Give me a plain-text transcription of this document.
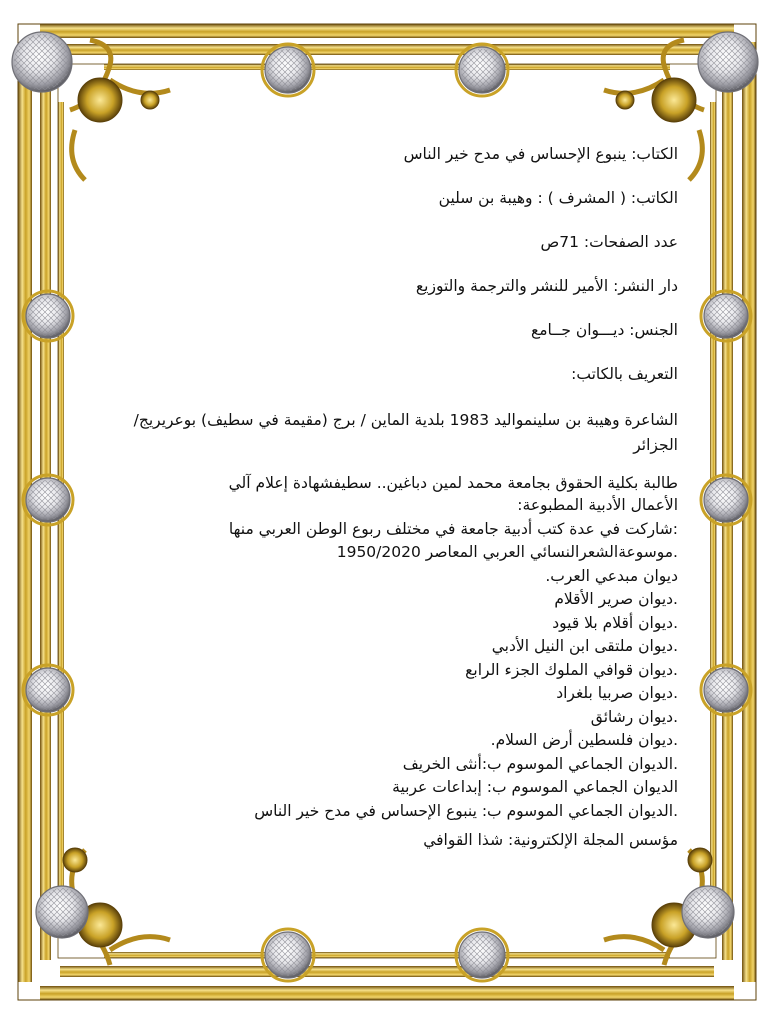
الكتاب: ينبوع الإحساس في مدح خير الناس

الكاتب: ( المشرف ) : وهيبة بن سلين

عدد الصفحات: 71ص

دار النشر: الأمير للنشر والترجمة والتوزيع

الجنس: ديـــوان جــامع

التعريف بالكاتب:

الشاعرة وهيبة بن سلينمواليد 1983 بلدية الماين / برج (مقيمة في سطيف) بوعريريج/ الجزائر

طالبة بكلية الحقوق بجامعة محمد لمين دباغين.. سطيفشهادة إعلام آلي

الأعمال الأدبية المطبوعة:

:شاركت في عدة كتب أدبية جامعة في مختلف ربوع الوطن العربي منها

.موسوعةالشعرالنسائي العربي المعاصر 1950/2020

ديوان مبدعي العرب.

.ديوان صرير الأقلام

.ديوان أقلام بلا قيود

.ديوان ملتقى ابن النيل الأدبي

.ديوان قوافي الملوك الجزء الرابع

.ديوان صربيا بلغراد

.ديوان رشائق

.ديوان فلسطين أرض السلام.

.الديوان الجماعي الموسوم ب:أنثى الخريف

الديوان الجماعي الموسوم ب: إبداعات عربية

.الديوان الجماعي الموسوم ب: ينبوع الإحساس في مدح خير الناس

مؤسس المجلة الإلكترونية: شذا القوافي
